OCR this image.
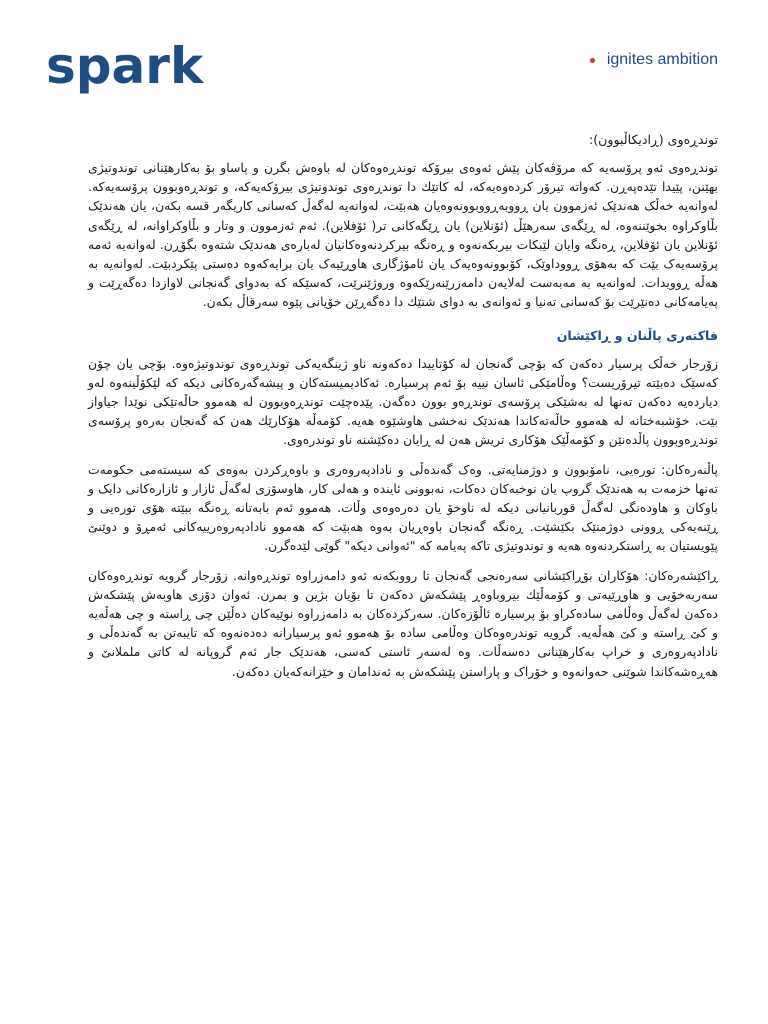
spark	ignites ambition

توندڕەوی (ڕادیکاڵبوون):

توندڕەوی ئەو پرۆسەیە کە مرۆڤەکان پێش ئەوەی بیرۆکە توندڕەوەکان لە باوەش بگرن و پاساو بۆ بەکارهێنانی توندوتیژی بهێنن، پێیدا تێدەپەڕن. کەواتە تیرۆر کردەوەیەکە، لە کاتێك دا توندڕەوی توندوتیژی بیرۆکەیەکە، و توندڕەوبوون پرۆسەیەکە. لەوانەیە خەڵک هەندێک ئەزموون یان ڕووبەڕووبوونەوەیان هەبێت، لەوانەیە لەگەڵ کەسانی کاریگەر قسە بکەن، یان هەندێک بڵاوکراوە بخوێننەوە، لە ڕێگەی سەرهێڵ (ئۆنلاین) یان ڕێگەکانی تر( ئۆفلاین). ئەم ئەزموون و وتار و بڵاوکراوانە، لە ڕێگەی ئۆنلاین یان ئۆفلاین، ڕەنگە وایان لێبکات بیربکەنەوە و ڕەنگە بیرکردنەوەکانیان لەبارەی هەندێک شتەوە بگۆڕن. لەوانەیە ئەمە پرۆسەیەک بێت کە بەهۆی ڕووداوێک، کۆبوونەوەیەک یان ئامۆژگاری هاوڕێیەک یان برایەکەوە دەستی پێکردبێت. لەوانەیە بە هەڵە ڕوویدات. لەوانەیە بە مەبەست لەلایەن دامەزرێنەرێکەوە وروژێنرێت، کەسێکە کە بەدوای گەنجانی لاوازدا دەگەڕێت و پەیامەکانی دەنێرێت بۆ کەسانی تەنیا و ئەوانەی بە دوای شتێك دا دەگەڕێن خۆیانی پێوە سەرقاڵ بکەن.

فاکتەری پاڵنان و ڕاکێشان

زۆرجار خەڵک پرسیار دەکەن کە بۆچی گەنجان لە کۆتاییدا دەکەونە ناو ژینگەیەکی توندڕەوی توندوتیژەوە. بۆچی یان چۆن کەسێک دەبێتە تیرۆریست؟ وەڵامێکی ئاسان نییە بۆ ئەم پرسیارە. ئەکادیمیستەکان و پیشەگەرەکانی دیکە کە لێکۆڵینەوە لەو دیاردەیە دەکەن تەنها لە بەشێکی پرۆسەی توندڕەو بوون دەگەن. پێدەچێت توندڕەوبوون لە هەموو حاڵەتێکی نوێدا جیاواز بێت. خۆشبەختانە لە هەموو حاڵەتەکاندا هەندێک نەخشی هاوشێوە هەیە. کۆمەڵە هۆکارێك هەن کە گەنجان بەرەو پرۆسەی توندڕەوبوون پاڵدەنێن و کۆمەڵێک هۆکاری تریش هەن لە ڕایان دەکێشنە ناو توندرەوی.

پاڵنەرەکان: تورەیی، نامۆبوون و دوژمنایەتی. وەک گەندەڵی و نادادپەروەری و باوەڕکردن بەوەی کە سیستەمی حکومەت تەنها خزمەت بە هەندێک گروپ یان نوخبەکان دەکات، نەبوونی ئاینده و هەلی کار، هاوسۆزی لەگەڵ ئازار و ئازارەکانی دایک و باوکان و هاودەنگی لەگەڵ قوربانیانی دیکە لە ناوخۆ یان دەرەوەی وڵات. هەموو ئەم بابەتانە ڕەنگە ببێتە هۆی تورەیی و ڕێنەیەکی ڕوونی دوژمنێک بکێشێت. ڕەنگە گەنجان باوەڕیان بەوە هەبێت کە هەموو نادادپەروەرییەکانی ئەمڕۆ و دوێنێ پێویستیان بە ڕاستکردنەوە هەیە و توندوتیژی تاکە پەیامە کە "ئەوانی دیکە" گوێی لێدەگرن.

ڕاکێشەرەکان: هۆکاران بۆڕاکێشانی سەرەنجی گەنجان تا رووبکەنە ئەو دامەزراوە توندڕەوانە. زۆرجار گرویە توندڕەوەکان سەربەخۆیی و هاوڕێیەتی و کۆمەڵێك بیروباوەڕ پێشکەش دەکەن تا بۆیان بژین و بمرن. ئەوان دۆزی هاوبەش پێشکەش دەکەن لەگەڵ وەڵامی سادەکراو بۆ پرسیارە ئاڵۆزەکان. سەرکردەکان بە دامەزراوە نوێیەکان دەڵێن چی ڕاستە و چی هەڵەیە و کێ ڕاستە و کێ هەڵەیە. گرویە توندرەوەکان وەڵامی سادە بۆ هەموو ئەو پرسیارانە دەدەنەوە کە تایبەتن بە گەندەڵی و نادادپەروەری و خراپ بەکارهێنانی دەسەڵات. وە لەسەر ئاستی کەسی، هەندێک جار ئەم گروپانە لە کاتی ململانێ و هەڕەشەکاندا شوێنی حەوانەوە و خۆراک و پاراستن پێشکەش بە ئەندامان و خێزانەکەیان دەکەن.
